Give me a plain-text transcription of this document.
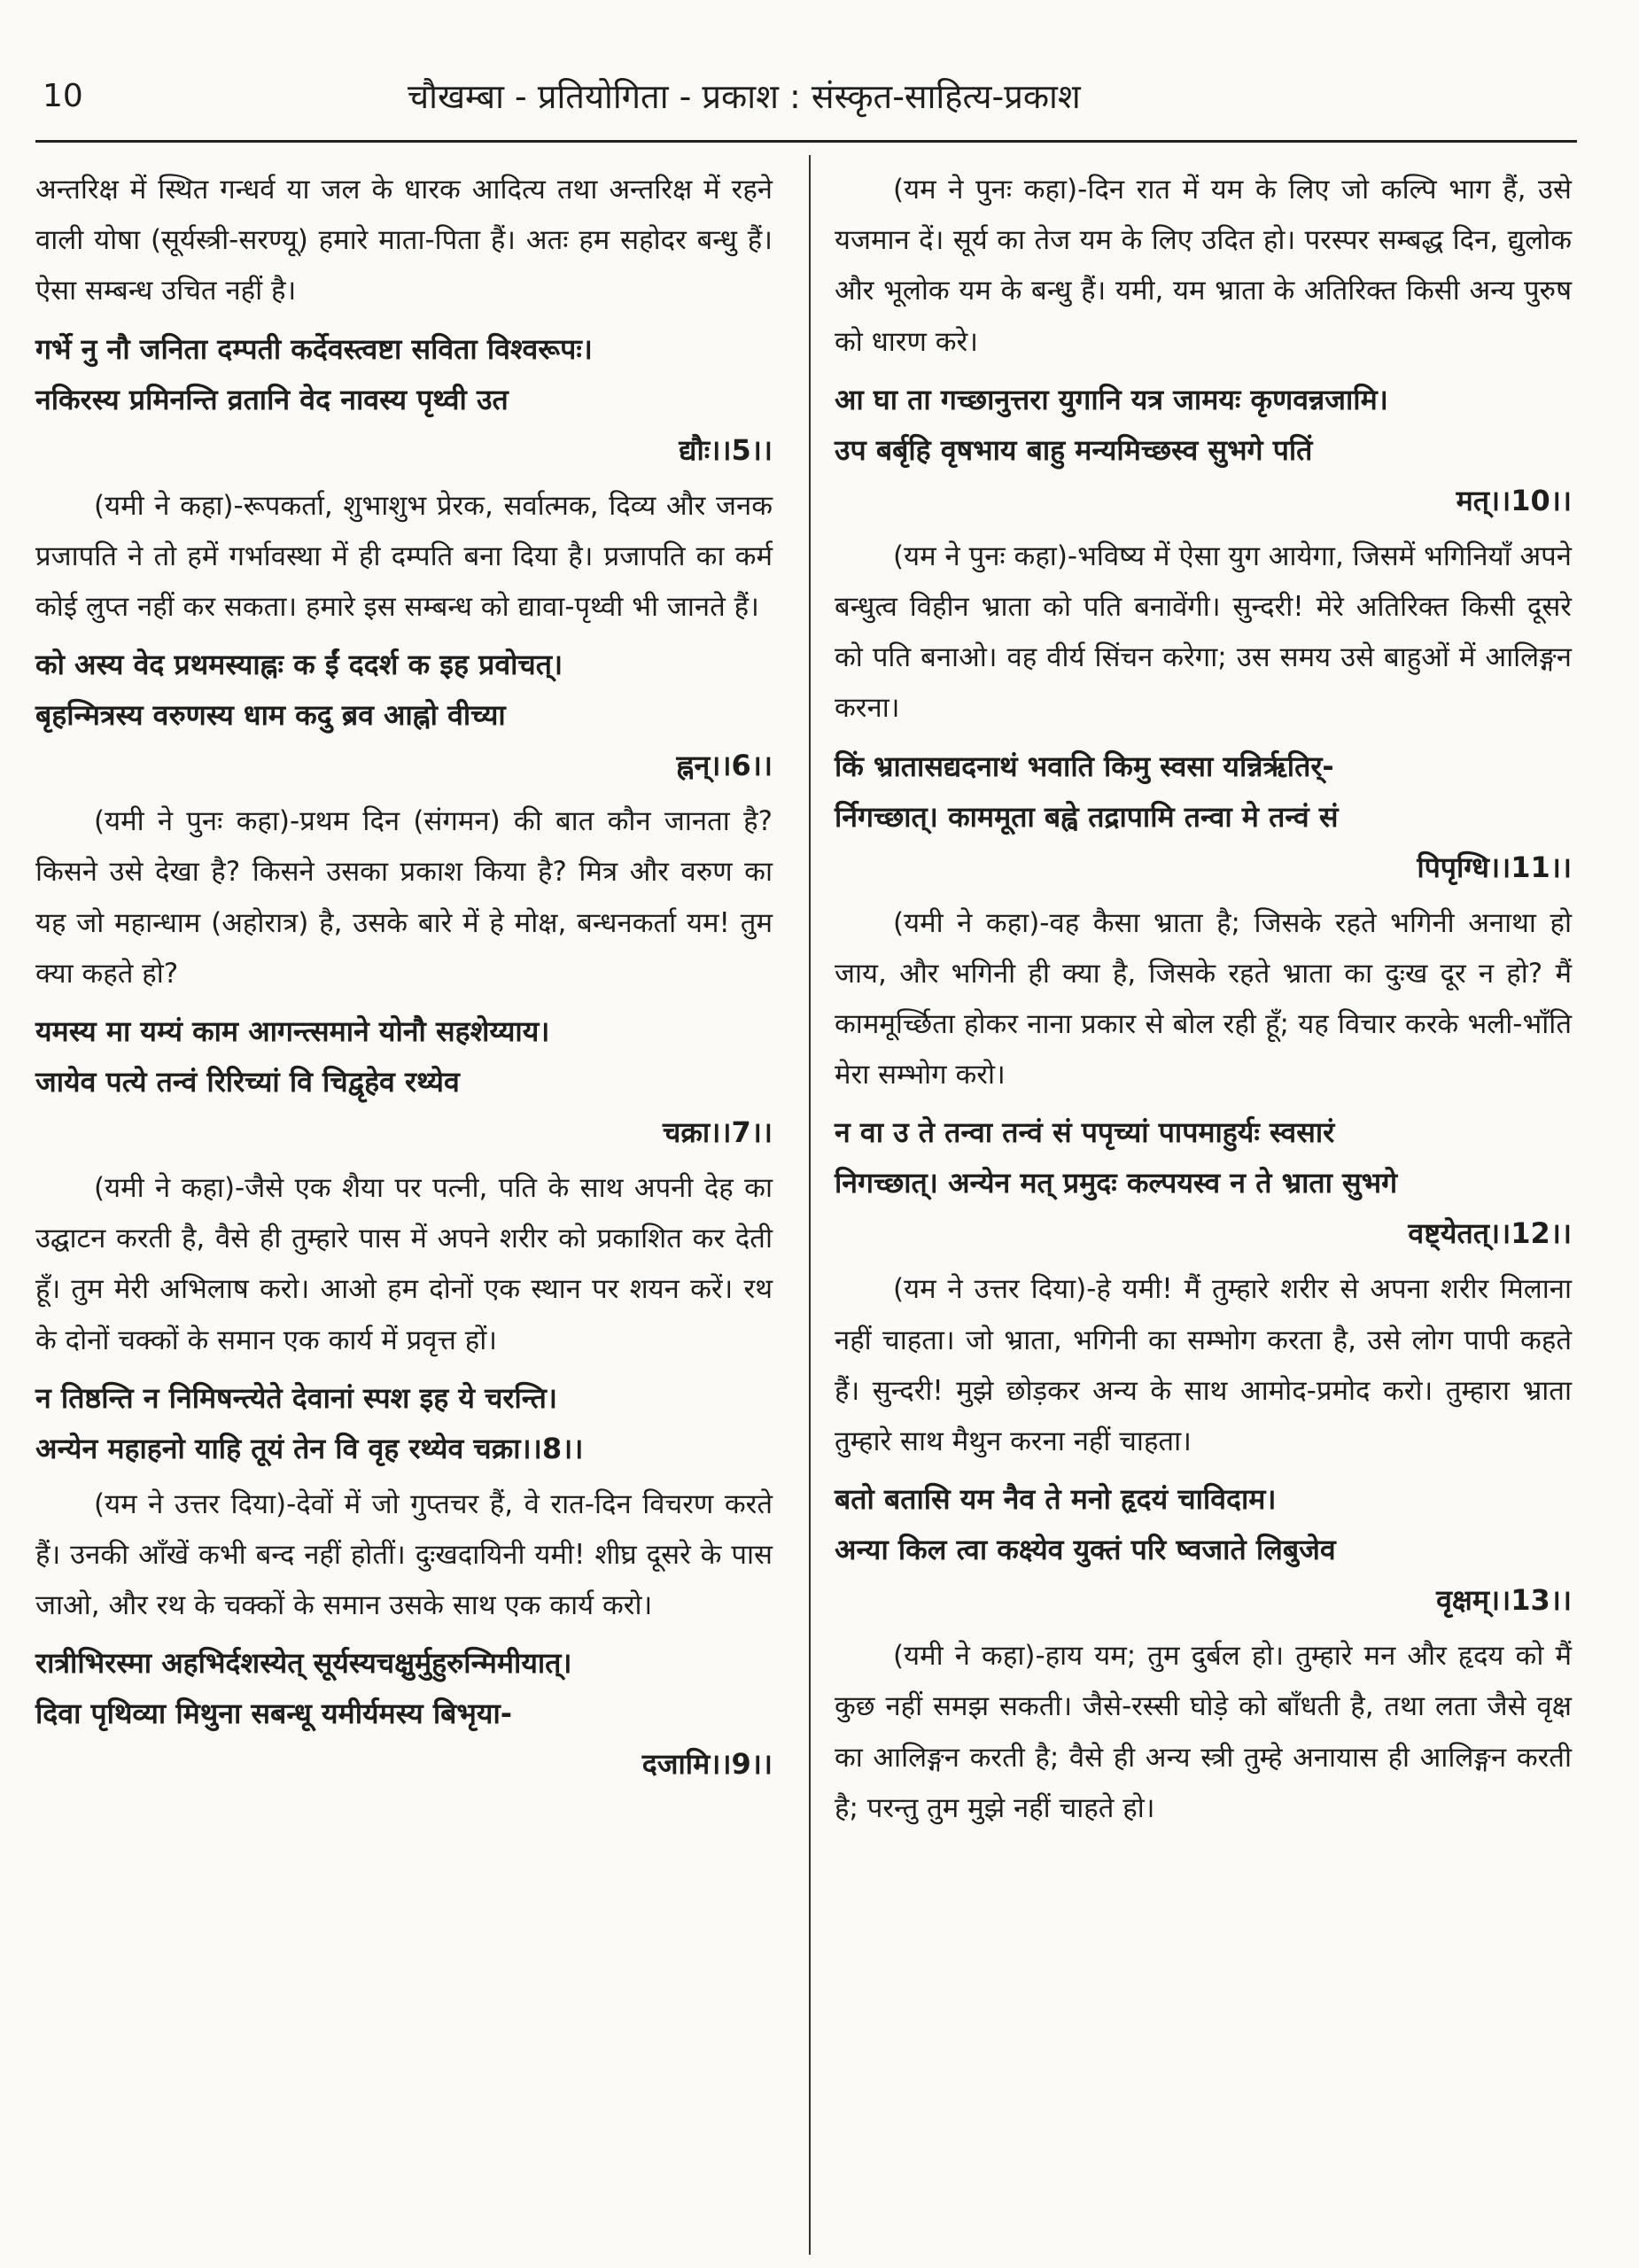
10	चौखम्बा - प्रतियोगिता - प्रकाश : संस्कृत-साहित्य-प्रकाश
अन्तरिक्ष में स्थित गन्धर्व या जल के धारक आदित्य तथा अन्तरिक्ष में रहने वाली योषा (सूर्यस्त्री-सरण्यू) हमारे माता-पिता हैं। अतः हम सहोदर बन्धु हैं। ऐसा सम्बन्ध उचित नहीं है।
गर्भे नु नौ जनिता दम्पती कर्देवस्त्वष्टा सविता विश्वरूपः।
नकिरस्य प्रमिनन्ति व्रतानि वेद नावस्य पृथ्वी उत
द्यौः।।5।।
(यमी ने कहा)-रूपकर्ता, शुभाशुभ प्रेरक, सर्वात्मक, दिव्य और जनक प्रजापति ने तो हमें गर्भावस्था में ही दम्पति बना दिया है। प्रजापति का कर्म कोई लुप्त नहीं कर सकता। हमारे इस सम्बन्ध को द्यावा-पृथ्वी भी जानते हैं।
को अस्य वेद प्रथमस्याह्नः क ईं ददर्श क इह प्रवोचत्।
बृहन्मित्रस्य वरुणस्य धाम कदु ब्रव आह्नो वीच्या
ह्नन्।।6।।
(यमी ने पुनः कहा)-प्रथम दिन (संगमन) की बात कौन जानता है? किसने उसे देखा है? किसने उसका प्रकाश किया है? मित्र और वरुण का यह जो महान्धाम (अहोरात्र) है, उसके बारे में हे मोक्ष, बन्धनकर्ता यम! तुम क्या कहते हो?
यमस्य मा यम्यं काम आगन्त्समाने योनौ सहशेय्याय।
जायेव पत्ये तन्वं रिरिच्यां वि चिद्वृहेव रथ्येव
चक्रा।।7।।
(यमी ने कहा)-जैसे एक शैया पर पत्नी, पति के साथ अपनी देह का उद्घाटन करती है, वैसे ही तुम्हारे पास में अपने शरीर को प्रकाशित कर देती हूँ। तुम मेरी अभिलाष करो। आओ हम दोनों एक स्थान पर शयन करें। रथ के दोनों चक्कों के समान एक कार्य में प्रवृत्त हों।
न तिष्ठन्ति न निमिषन्त्येते देवानां स्पश इह ये चरन्ति।
अन्येन महाहनो याहि तूयं तेन वि वृह रथ्येव चक्रा।।8।।
(यम ने उत्तर दिया)-देवों में जो गुप्तचर हैं, वे रात-दिन विचरण करते हैं। उनकी आँखें कभी बन्द नहीं होतीं। दुःखदायिनी यमी! शीघ्र दूसरे के पास जाओ, और रथ के चक्कों के समान उसके साथ एक कार्य करो।
रात्रीभिरस्मा अहभिर्दशस्येत् सूर्यस्यचक्षुर्मुहुरुन्मिमीयात्।
दिवा पृथिव्या मिथुना सबन्धू यमीर्यमस्य बिभृया-
दजामि।।9।।
(यम ने पुनः कहा)-दिन रात में यम के लिए जो कल्पि भाग हैं, उसे यजमान दें। सूर्य का तेज यम के लिए उदित हो। परस्पर सम्बद्ध दिन, द्युलोक और भूलोक यम के बन्धु हैं। यमी, यम भ्राता के अतिरिक्त किसी अन्य पुरुष को धारण करे।
आ घा ता गच्छानुत्तरा युगानि यत्र जामयः कृणवन्नजामि।
उप बर्बृहि वृषभाय बाहु मन्यमिच्छस्व सुभगे पतिं
मत्।।10।।
(यम ने पुनः कहा)-भविष्य में ऐसा युग आयेगा, जिसमें भगिनियाँ अपने बन्धुत्व विहीन भ्राता को पति बनावेंगी। सुन्दरी! मेरे अतिरिक्त किसी दूसरे को पति बनाओ। वह वीर्य सिंचन करेगा; उस समय उसे बाहुओं में आलिङ्गन करना।
किं भ्रातासद्यदनाथं भवाति किमु स्वसा यन्निर्ऋतिर्-
र्निगच्छात्। काममूता बह्वे तद्रापामि तन्वा मे तन्वं सं
पिपृग्धि।।11।।
(यमी ने कहा)-वह कैसा भ्राता है; जिसके रहते भगिनी अनाथा हो जाय, और भगिनी ही क्या है, जिसके रहते भ्राता का दुःख दूर न हो? मैं काममूर्च्छिता होकर नाना प्रकार से बोल रही हूँ; यह विचार करके भली-भाँति मेरा सम्भोग करो।
न वा उ ते तन्वा तन्वं सं पपृच्यां पापमाहुर्यः स्वसारं
निगच्छात्। अन्येन मत् प्रमुदः कल्पयस्व न ते भ्राता सुभगे
वष्ट्येतत्।।12।।
(यम ने उत्तर दिया)-हे यमी! मैं तुम्हारे शरीर से अपना शरीर मिलाना नहीं चाहता। जो भ्राता, भगिनी का सम्भोग करता है, उसे लोग पापी कहते हैं। सुन्दरी! मुझे छोड़कर अन्य के साथ आमोद-प्रमोद करो। तुम्हारा भ्राता तुम्हारे साथ मैथुन करना नहीं चाहता।
बतो बतासि यम नैव ते मनो हृदयं चाविदाम।
अन्या किल त्वा कक्ष्येव युक्तं परि ष्वजाते लिबुजेव
वृक्षम्।।13।।
(यमी ने कहा)-हाय यम; तुम दुर्बल हो। तुम्हारे मन और हृदय को मैं कुछ नहीं समझ सकती। जैसे-रस्सी घोड़े को बाँधती है, तथा लता जैसे वृक्ष का आलिङ्गन करती है; वैसे ही अन्य स्त्री तुम्हे अनायास ही आलिङ्गन करती है; परन्तु तुम मुझे नहीं चाहते हो।
